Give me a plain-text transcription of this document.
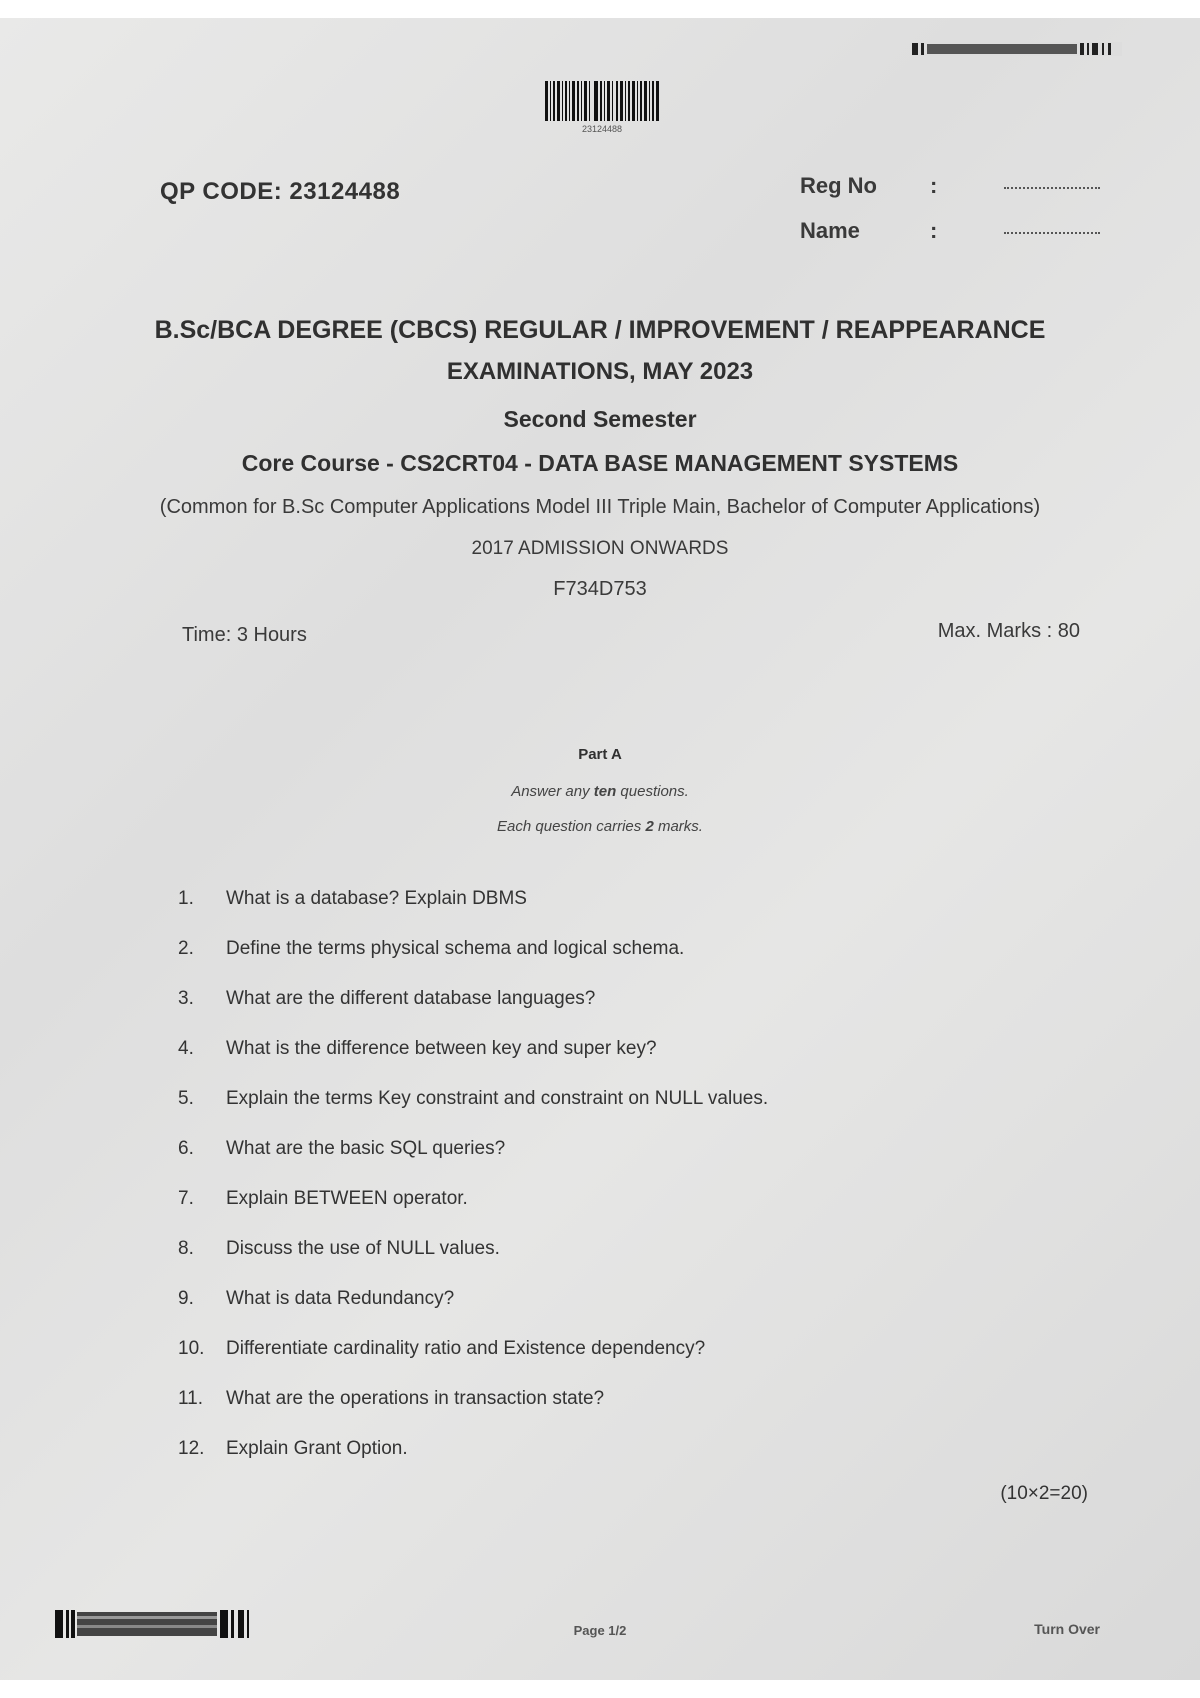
23124488
QP CODE: 23124488	Reg No :
Name	:
B.Sc/BCA DEGREE (CBCS) REGULAR / IMPROVEMENT / REAPPEARANCE
EXAMINATIONS, MAY 2023
Second Semester
Core Course - CS2CRT04 - DATA BASE MANAGEMENT SYSTEMS
(Common for B.Sc Computer Applications Model III Triple Main, Bachelor of Computer Applications)
2017 ADMISSION ONWARDS
F734D753
Time: 3 Hours	Max. Marks : 80
Part A
Answer any ten questions.
Each question carries 2 marks.
1.	What is a database? Explain DBMS
2.	Define the terms physical schema and logical schema.
3.	What are the different database languages?
4.	What is the difference between key and super key?
5.	Explain the terms Key constraint and constraint on NULL values.
6.	What are the basic SQL queries?
7.	Explain BETWEEN operator.
8.	Discuss the use of NULL values.
9.	What is data Redundancy?
10. Differentiate cardinality ratio and Existence dependency?
11.	What are the operations in transaction state?
12. Explain Grant Option.
(10×2=20)
Page 1/2	Turn Over
